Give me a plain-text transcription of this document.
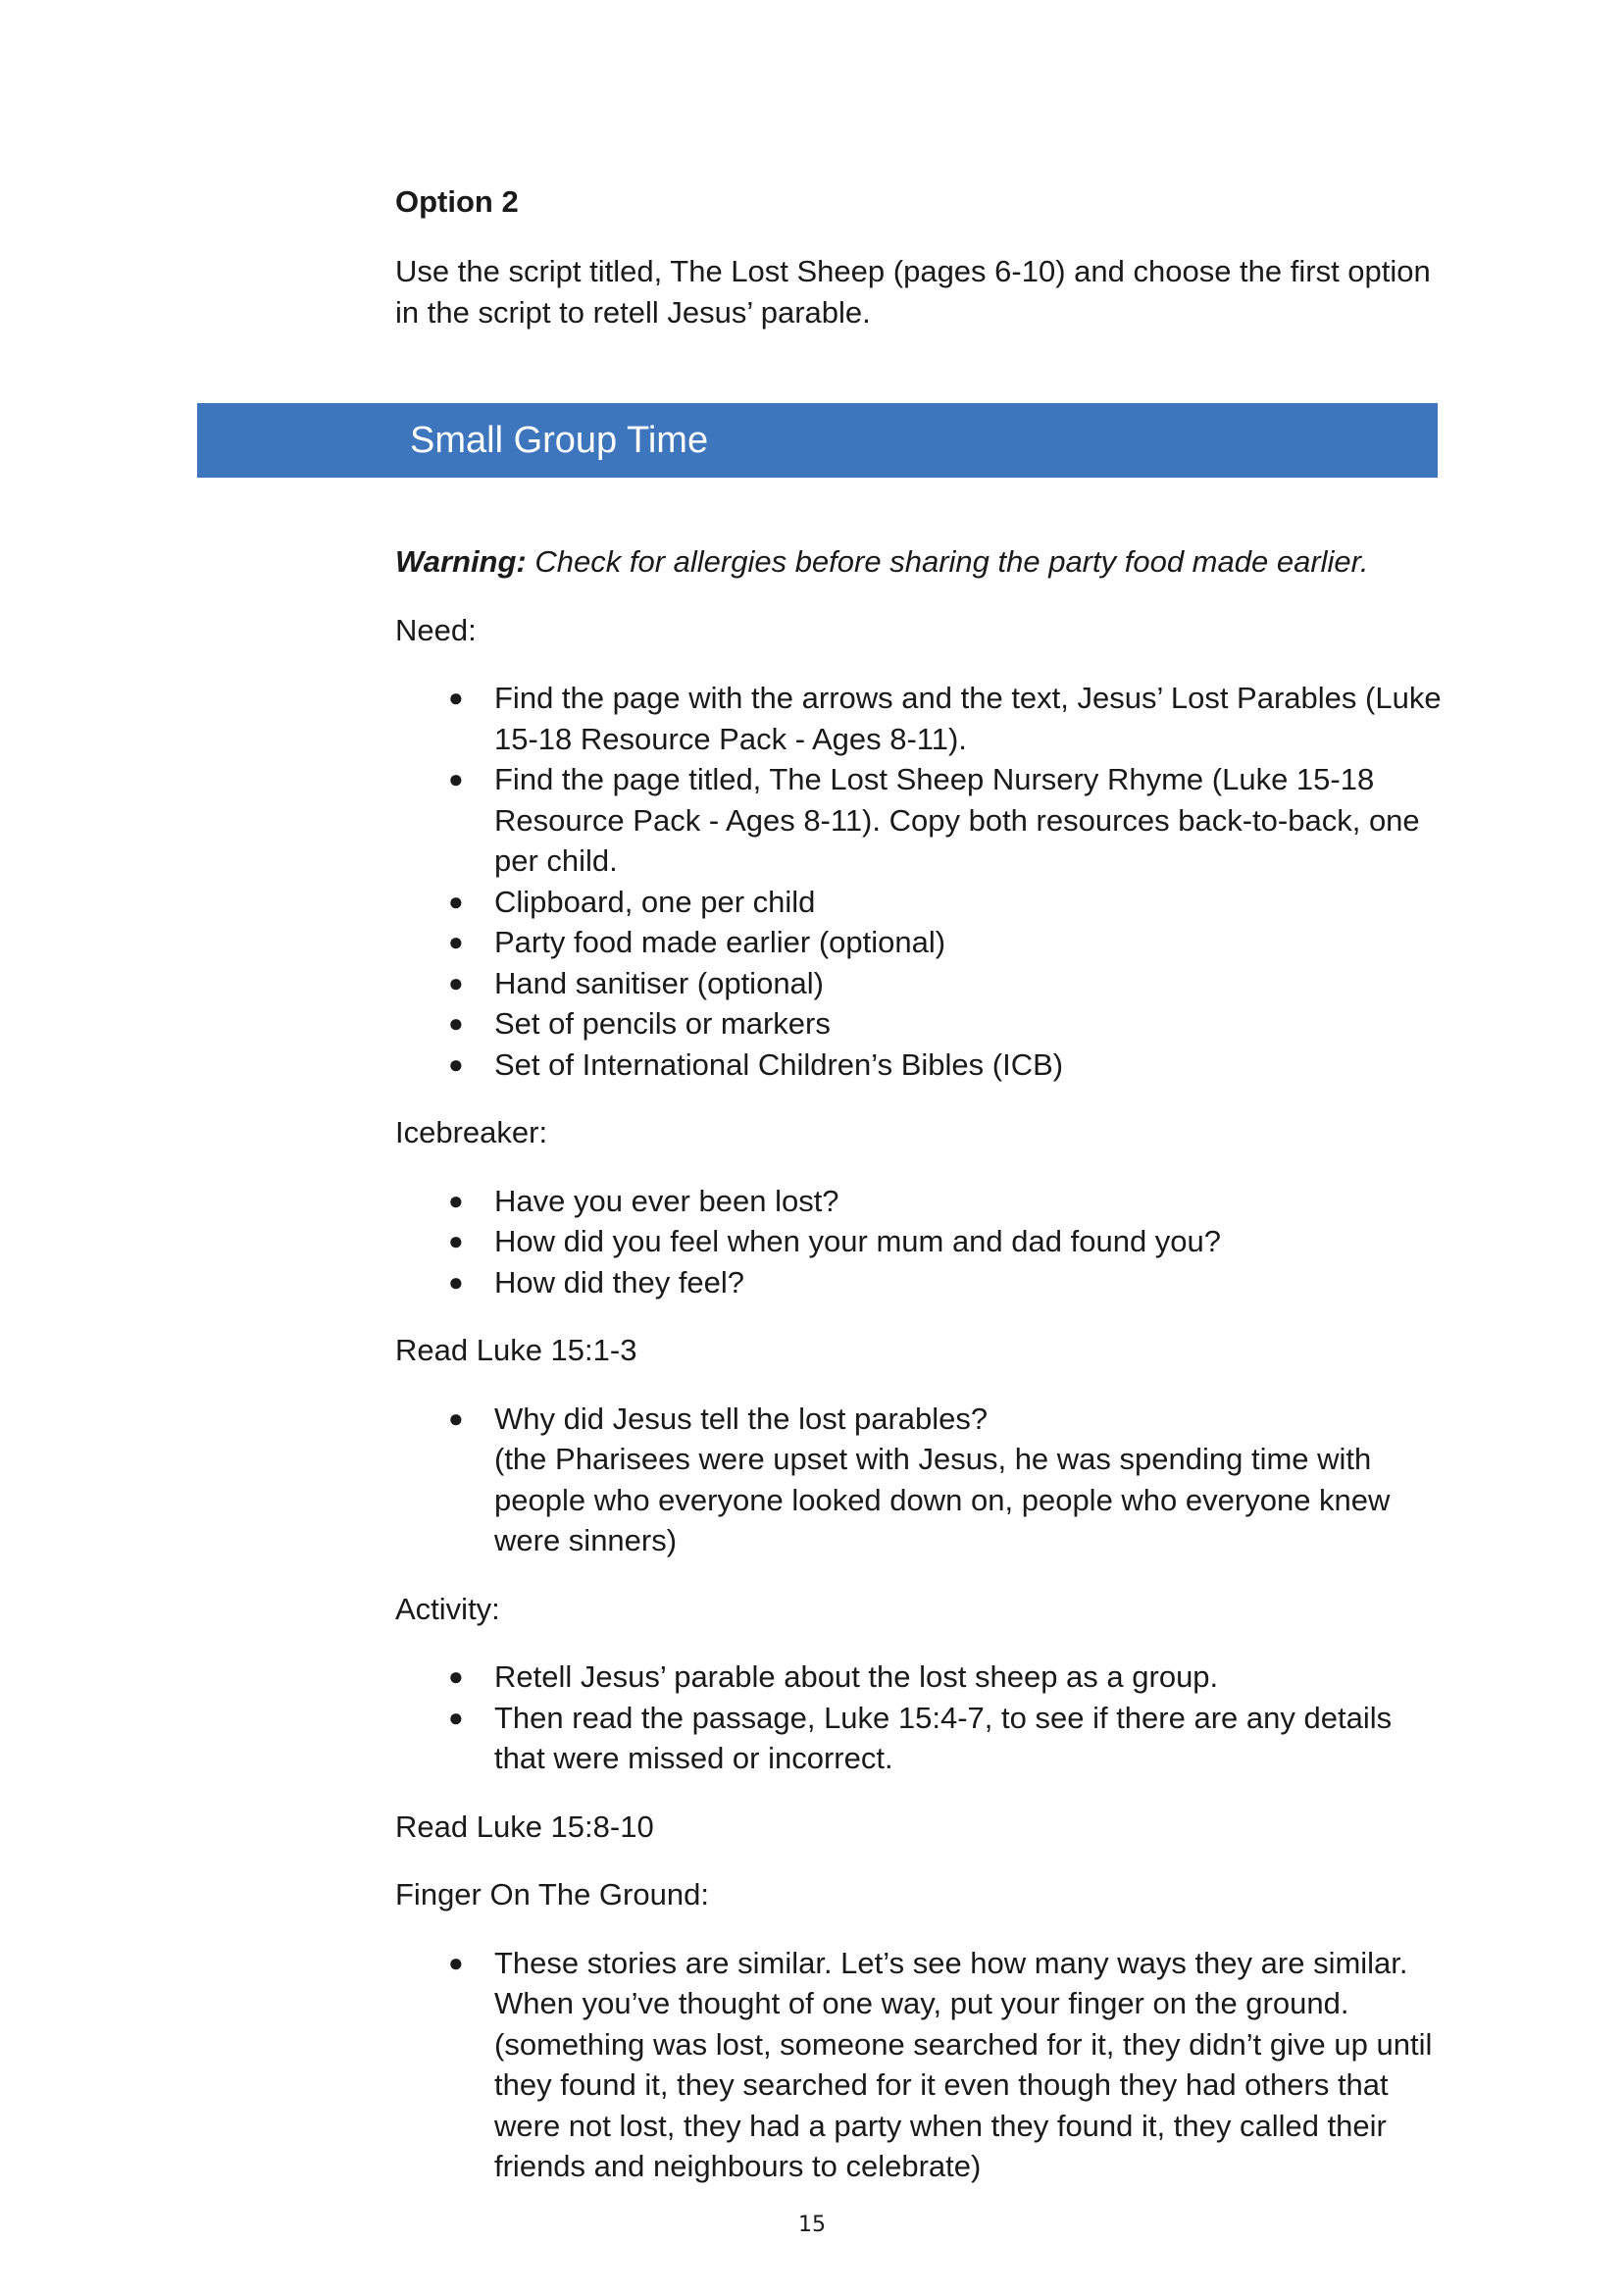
Option 2

Use the script titled, The Lost Sheep (pages 6-10) and choose the first option in the script to retell Jesus’ parable.

Small Group Time

Warning: Check for allergies before sharing the party food made earlier.

Need:

● Find the page with the arrows and the text, Jesus’ Lost Parables (Luke 15-18 Resource Pack - Ages 8-11).
● Find the page titled, The Lost Sheep Nursery Rhyme (Luke 15-18 Resource Pack - Ages 8-11). Copy both resources back-to-back, one per child.
● Clipboard, one per child
● Party food made earlier (optional)
● Hand sanitiser (optional)
● Set of pencils or markers
● Set of International Children’s Bibles (ICB)

Icebreaker:

● Have you ever been lost?
● How did you feel when your mum and dad found you?
● How did they feel?

Read Luke 15:1-3

● Why did Jesus tell the lost parables?
(the Pharisees were upset with Jesus, he was spending time with people who everyone looked down on, people who everyone knew were sinners)

Activity:

● Retell Jesus’ parable about the lost sheep as a group.
● Then read the passage, Luke 15:4-7, to see if there are any details that were missed or incorrect.

Read Luke 15:8-10

Finger On The Ground:

● These stories are similar. Let’s see how many ways they are similar. When you’ve thought of one way, put your finger on the ground.
(something was lost, someone searched for it, they didn’t give up until they found it, they searched for it even though they had others that were not lost, they had a party when they found it, they called their friends and neighbours to celebrate)
15
